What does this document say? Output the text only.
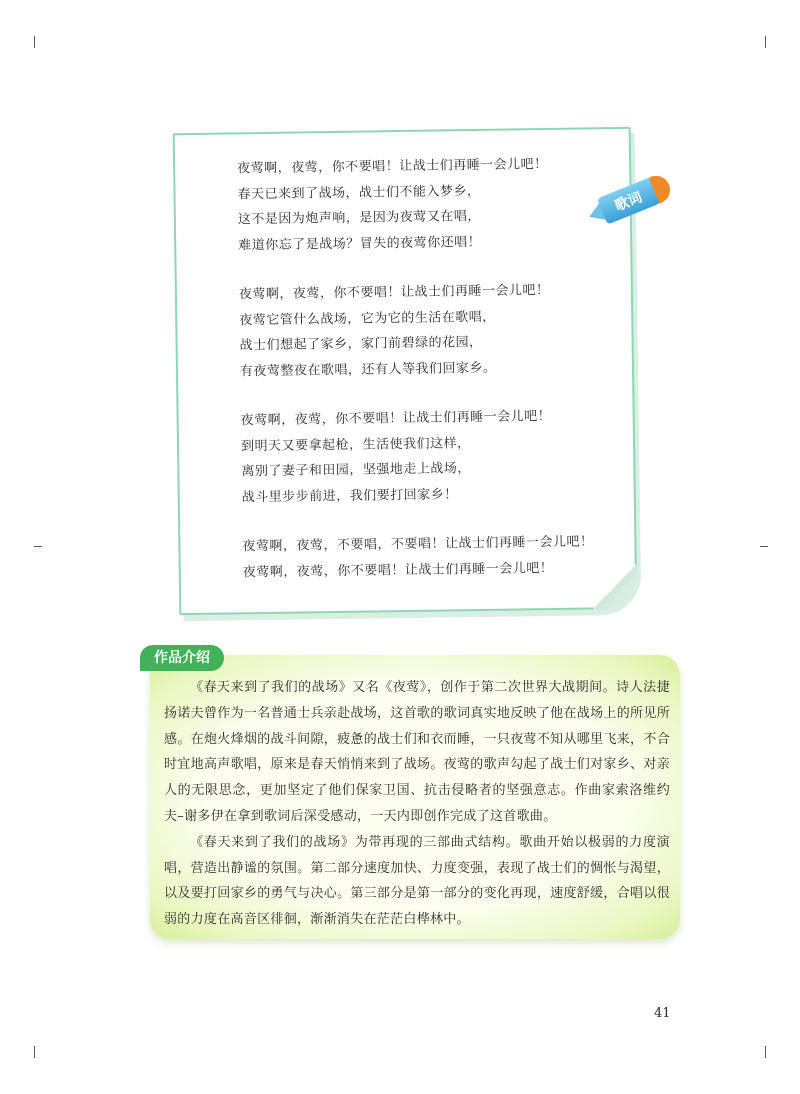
夜莺啊，夜莺，你不要唱！让战士们再睡一会儿吧！
春天已来到了战场，战士们不能入梦乡，
这不是因为炮声响，是因为夜莺又在唱，
难道你忘了是战场？冒失的夜莺你还唱！
夜莺啊，夜莺，你不要唱！让战士们再睡一会儿吧！
夜莺它管什么战场，它为它的生活在歌唱，
战士们想起了家乡，家门前碧绿的花园，
有夜莺整夜在歌唱，还有人等我们回家乡。
夜莺啊，夜莺，你不要唱！让战士们再睡一会儿吧！
到明天又要拿起枪，生活使我们这样，
离别了妻子和田园，坚强地走上战场，
战斗里步步前进，我们要打回家乡！
夜莺啊，夜莺，不要唱，不要唱！让战士们再睡一会儿吧！
夜莺啊，夜莺，你不要唱！让战士们再睡一会儿吧！
歌词

《春天来到了我们的战场》又名《夜莺》，创作于第二次世界大战期间。诗人法捷扬诺夫曾作为一名普通士兵亲赴战场，这首歌的歌词真实地反映了他在战场上的所见所感。在炮火烽烟的战斗间隙，疲惫的战士们和衣而睡，一只夜莺不知从哪里飞来，不合时宜地高声歌唱，原来是春天悄悄来到了战场。夜莺的歌声勾起了战士们对家乡、对亲人的无限思念，更加坚定了他们保家卫国、抗击侵略者的坚强意志。作曲家索洛维约夫–谢多伊在拿到歌词后深受感动，一天内即创作完成了这首歌曲。

《春天来到了我们的战场》为带再现的三部曲式结构。歌曲开始以极弱的力度演唱，营造出静谧的氛围。第二部分速度加快、力度变强，表现了战士们的惆怅与渴望，以及要打回家乡的勇气与决心。第三部分是第一部分的变化再现，速度舒缓，合唱以很弱的力度在高音区徘徊，渐渐消失在茫茫白桦林中。

作品介绍
41
